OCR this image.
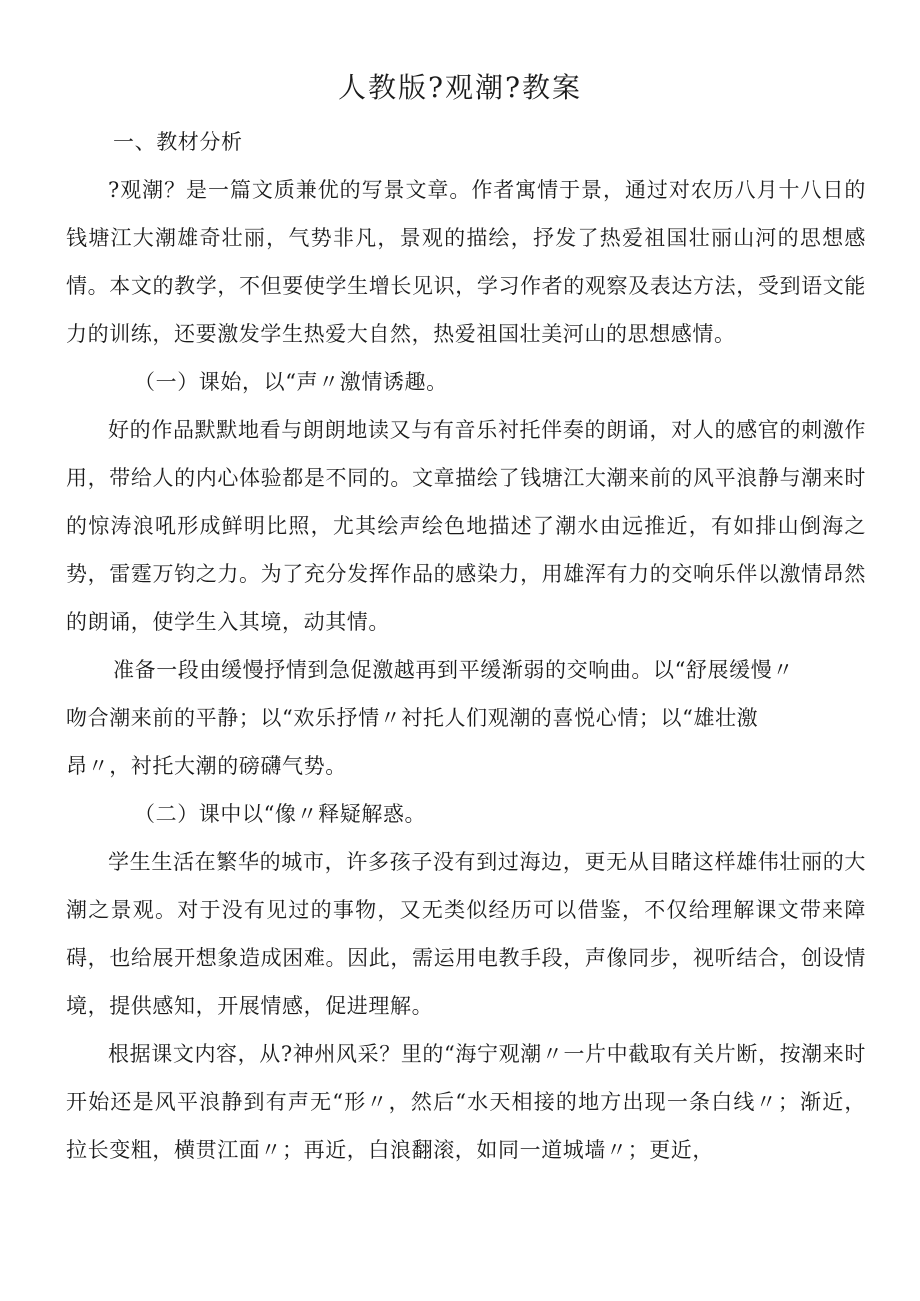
人教版?观潮?教案

一、教材分析

?观潮？是一篇文质兼优的写景文章。作者寓情于景，通过对农历八月十八日的钱塘江大潮雄奇壮丽，气势非凡，景观的描绘，抒发了热爱祖国壮丽山河的思想感情。本文的教学，不但要使学生增长见识，学习作者的观察及表达方法，受到语文能力的训练，还要激发学生热爱大自然，热爱祖国壮美河山的思想感情。

（一）课始，以“声〃激情诱趣。

好的作品默默地看与朗朗地读又与有音乐衬托伴奏的朗诵，对人的感官的刺激作用，带给人的内心体验都是不同的。文章描绘了钱塘江大潮来前的风平浪静与潮来时的惊涛浪吼形成鲜明比照，尤其绘声绘色地描述了潮水由远推近，有如排山倒海之势，雷霆万钧之力。为了充分发挥作品的感染力，用雄浑有力的交响乐伴以激情昂然的朗诵，使学生入其境，动其情。

准备一段由缓慢抒情到急促激越再到平缓渐弱的交响曲。以“舒展缓慢〃

吻合潮来前的平静；以“欢乐抒情〃衬托人们观潮的喜悦心情；以“雄壮激

昂〃，衬托大潮的磅礴气势。

（二）课中以“像〃释疑解惑。

学生生活在繁华的城市，许多孩子没有到过海边，更无从目睹这样雄伟壮丽的大潮之景观。对于没有见过的事物，又无类似经历可以借鉴，不仅给理解课文带来障碍，也给展开想象造成困难。因此，需运用电教手段，声像同步，视听结合，创设情境，提供感知，开展情感，促进理解。

根据课文内容，从?神州风采？里的“海宁观潮〃一片中截取有关片断，按潮来时开始还是风平浪静到有声无“形〃，然后“水天相接的地方出现一条白线〃；渐近，拉长变粗，横贯江面〃；再近，白浪翻滚，如同一道城墙〃；更近，
